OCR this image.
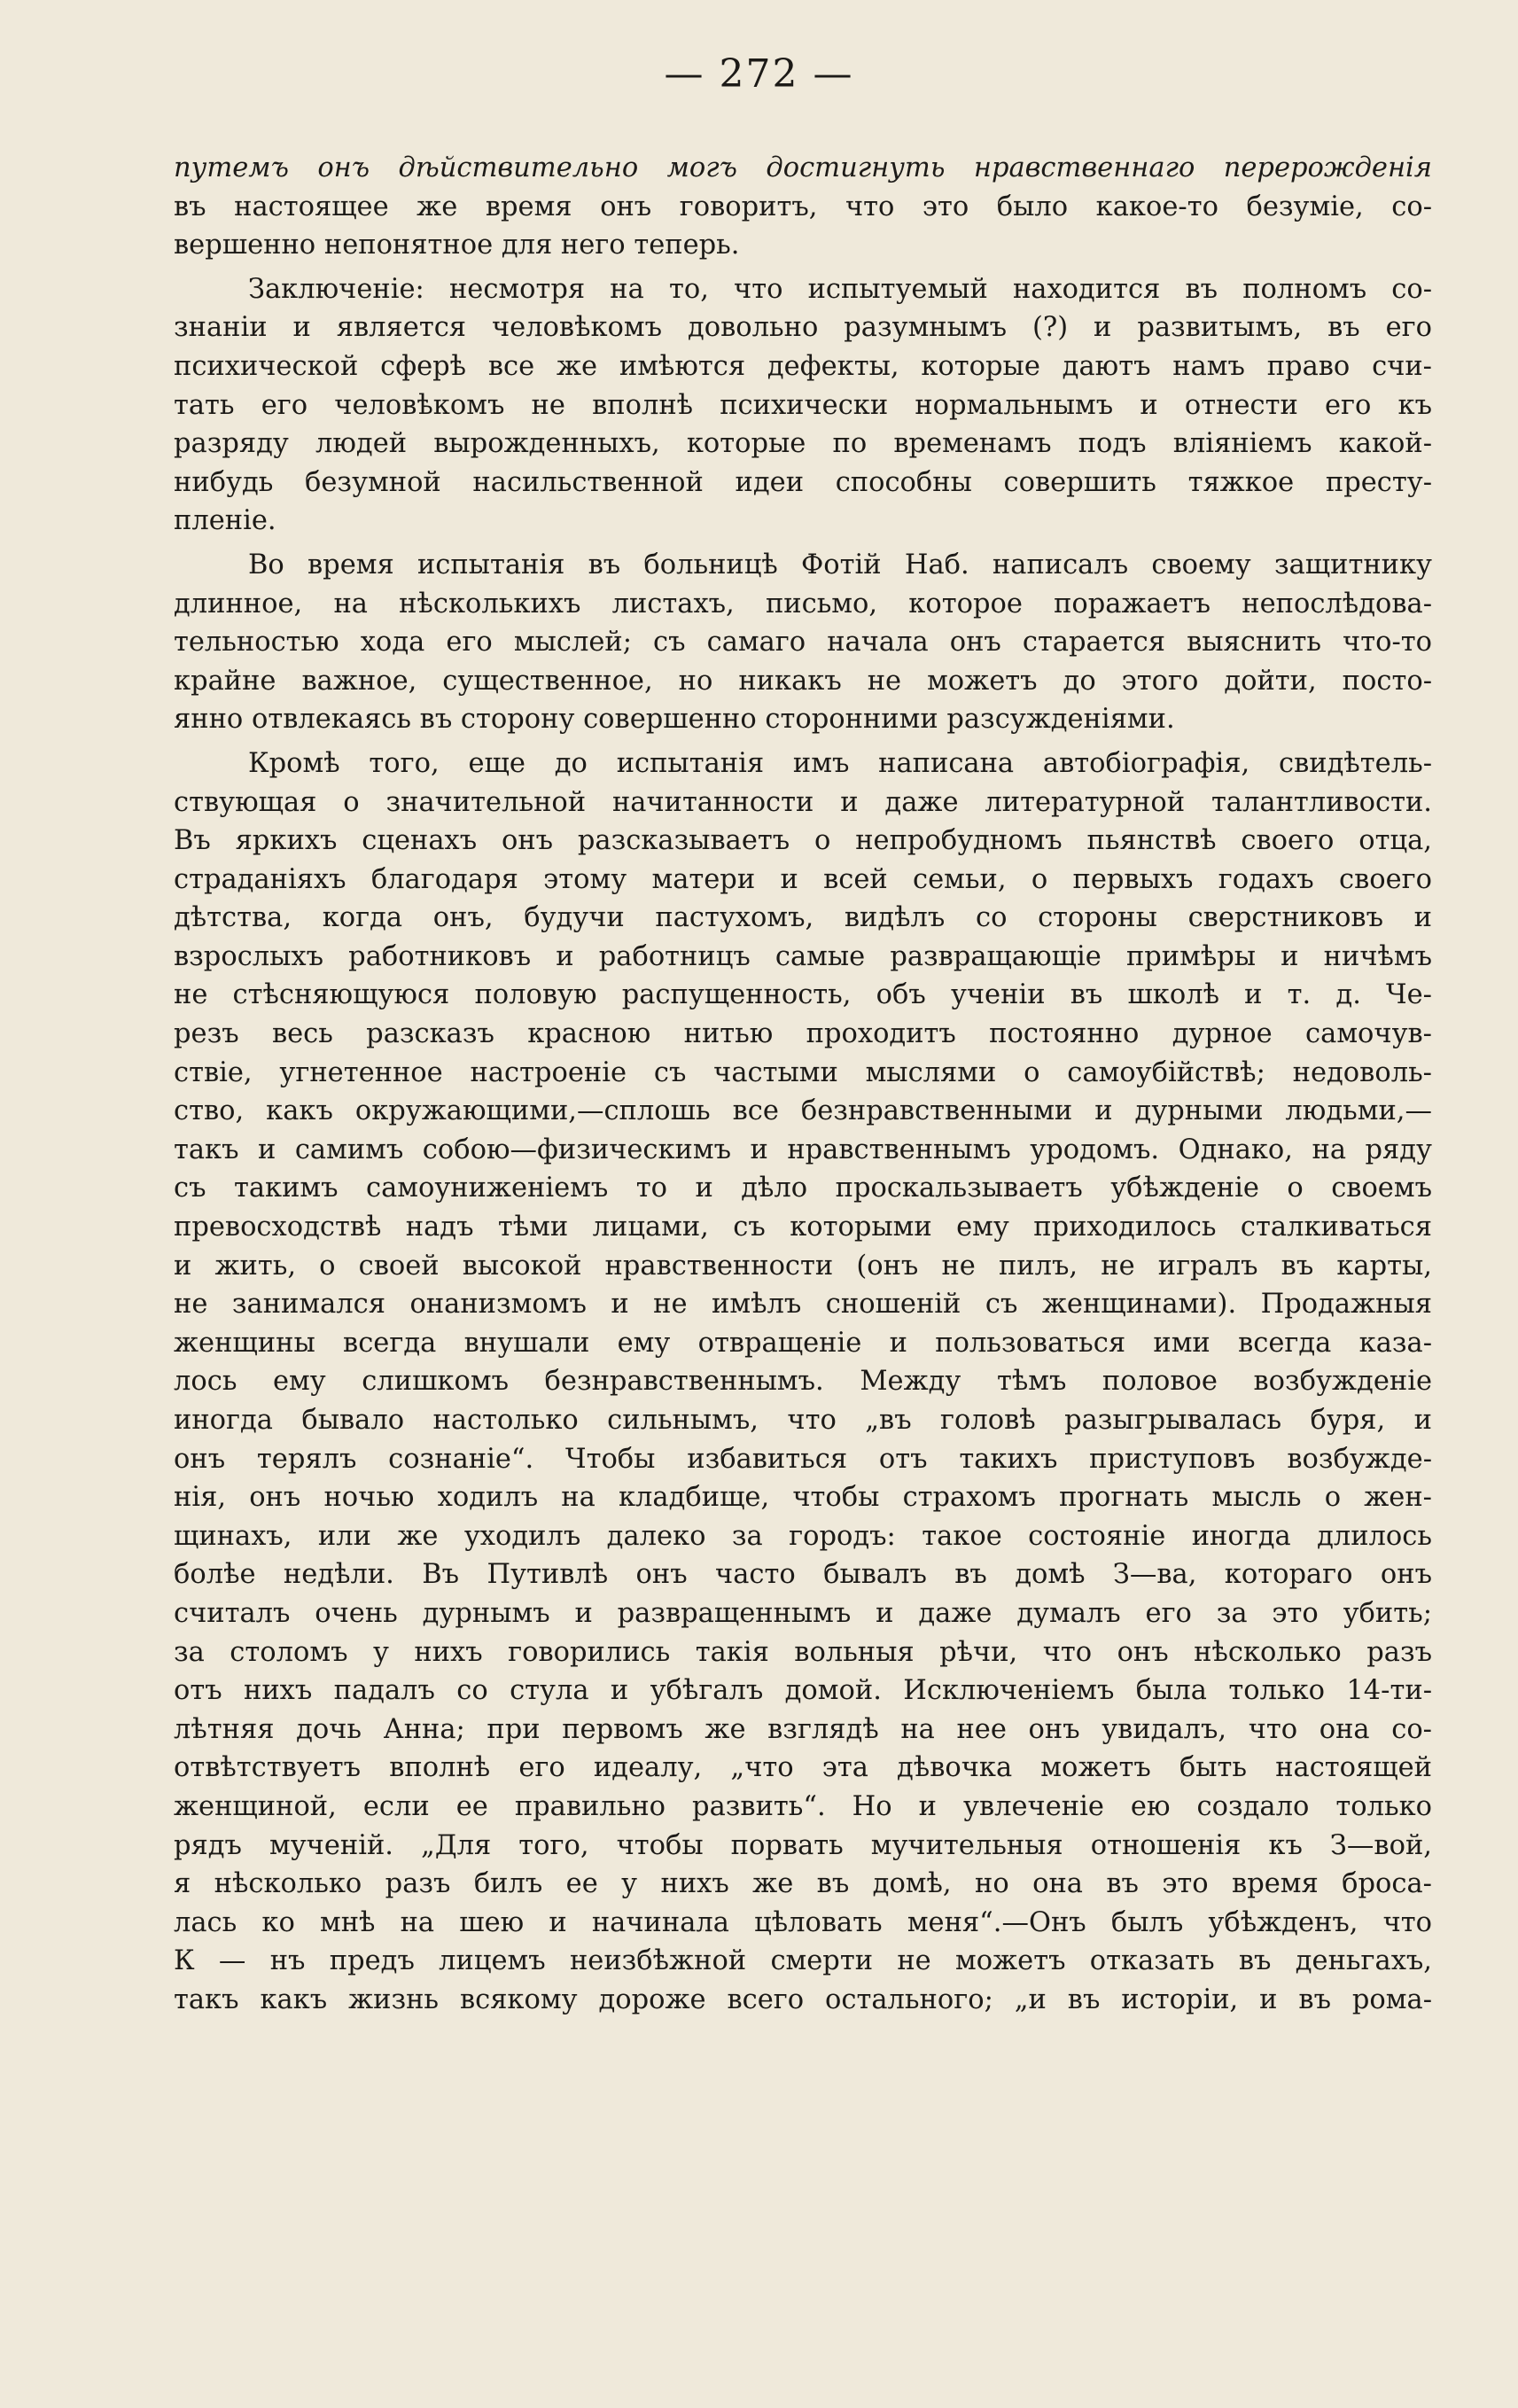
— 272 —
путемъ онъ дѣйствительно могъ достигнуть нравственнаго перерожденія
въ настоящее же время онъ говоритъ, что это было какое-то безуміе, со-
вершенно непонятное для него теперь.
Заключеніе: несмотря на то, что испытуемый находится въ полномъ со-
знаніи и является человѣкомъ довольно разумнымъ (?) и развитымъ, въ его
психической сферѣ все же имѣются дефекты, которые даютъ намъ право счи-
тать его человѣкомъ не вполнѣ психически нормальнымъ и отнести его къ
разряду людей вырожденныхъ, которые по временамъ подъ вліяніемъ какой-
нибудь безумной насильственной идеи способны совершить тяжкое престу-
пленіе.
Во время испытанія въ больницѣ Фотій Наб. написалъ своему защитнику
длинное, на нѣсколькихъ листахъ, письмо, которое поражаетъ непослѣдова-
тельностью хода его мыслей; съ самаго начала онъ старается выяснить что-то
крайне важное, существенное, но никакъ не можетъ до этого дойти, посто-
янно отвлекаясь въ сторону совершенно сторонними разсужденіями.
Кромѣ того, еще до испытанія имъ написана автобіографія, свидѣтель-
ствующая о значительной начитанности и даже литературной талантливости.
Въ яркихъ сценахъ онъ разсказываетъ о непробудномъ пьянствѣ своего отца,
страданіяхъ благодаря этому матери и всей семьи, о первыхъ годахъ своего
дѣтства, когда онъ, будучи пастухомъ, видѣлъ со стороны сверстниковъ и
взрослыхъ работниковъ и работницъ самые развращающіе примѣры и ничѣмъ
не стѣсняющуюся половую распущенность, объ ученіи въ школѣ и т. д. Че-
резъ весь разсказъ красною нитью проходитъ постоянно дурное самочув-
ствіе, угнетенное настроеніе съ частыми мыслями о самоубійствѣ; недоволь-
ство, какъ окружающими,—сплошь все безнравственными и дурными людьми,—
такъ и самимъ собою—физическимъ и нравственнымъ уродомъ. Однако, на ряду
съ такимъ самоуниженіемъ то и дѣло проскальзываетъ убѣжденіе о своемъ
превосходствѣ надъ тѣми лицами, съ которыми ему приходилось сталкиваться
и жить, о своей высокой нравственности (онъ не пилъ, не игралъ въ карты,
не занимался онанизмомъ и не имѣлъ сношеній съ женщинами). Продажныя
женщины всегда внушали ему отвращеніе и пользоваться ими всегда каза-
лось ему слишкомъ безнравственнымъ. Между тѣмъ половое возбужденіе
иногда бывало настолько сильнымъ, что „въ головѣ разыгрывалась буря, и
онъ терялъ сознаніе“. Чтобы избавиться отъ такихъ приступовъ возбужде-
нія, онъ ночью ходилъ на кладбище, чтобы страхомъ прогнать мысль о жен-
щинахъ, или же уходилъ далеко за городъ: такое состояніе иногда длилось
болѣе недѣли. Въ Путивлѣ онъ часто бывалъ въ домѣ З—ва, котораго онъ
считалъ очень дурнымъ и развращеннымъ и даже думалъ его за это убить;
за столомъ у нихъ говорились такія вольныя рѣчи, что онъ нѣсколько разъ
отъ нихъ падалъ со стула и убѣгалъ домой. Исключеніемъ была только 14-ти-
лѣтняя дочь Анна; при первомъ же взглядѣ на нее онъ увидалъ, что она со-
отвѣтствуетъ вполнѣ его идеалу, „что эта дѣвочка можетъ быть настоящей
женщиной, если ее правильно развить“. Но и увлеченіе ею создало только
рядъ мученій. „Для того, чтобы порвать мучительныя отношенія къ З—вой,
я нѣсколько разъ билъ ее у нихъ же въ домѣ, но она въ это время броса-
лась ко мнѣ на шею и начинала цѣловать меня“.—Онъ былъ убѣжденъ, что
К — нъ предъ лицемъ неизбѣжной смерти не можетъ отказать въ деньгахъ,
такъ какъ жизнь всякому дороже всего остального; „и въ исторіи, и въ рома-
